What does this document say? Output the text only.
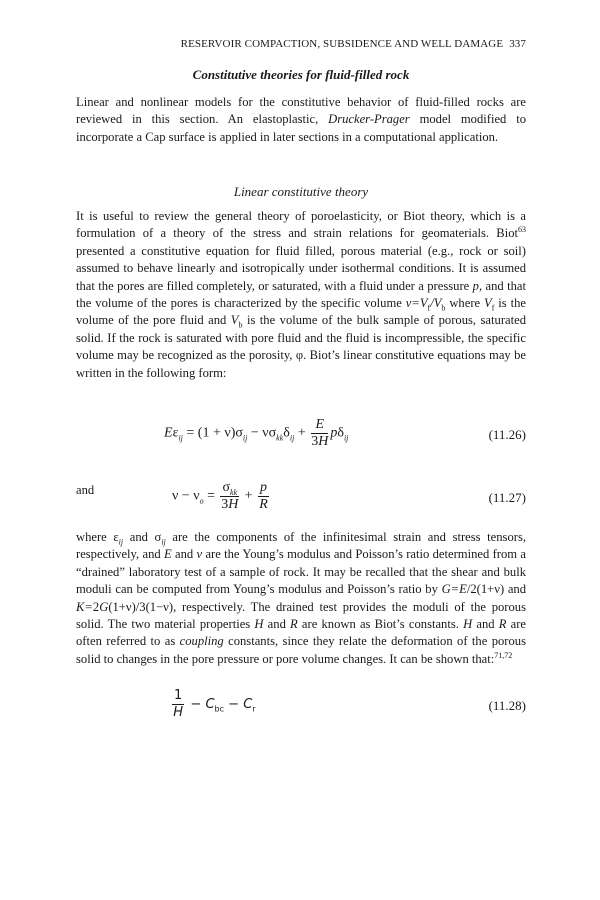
RESERVOIR COMPACTION, SUBSIDENCE AND WELL DAMAGE 337
Constitutive theories for fluid-filled rock

Linear and nonlinear models for the constitutive behavior of fluid-filled rocks are reviewed in this section. An elastoplastic, Drucker-Prager model modified to incorporate a Cap surface is applied in later sections in a computational application.

Linear constitutive theory

It is useful to review the general theory of poroelasticity, or Biot theory, which is a formulation of a theory of the stress and strain relations for geomaterials. Biot$^{63}$ presented a constitutive equation for fluid filled, porous material (e.g., rock or soil) assumed to behave linearly and isotropically under isothermal conditions. It is assumed that the pores are filled completely, or saturated, with a fluid under a pressure p, and that the volume of the pores is characterized by the specific volume $v=V_f/V_b$ where $V_f$ is the volume of the pore fluid and $V_b$ is the volume of the bulk sample of porous, saturated solid. If the rock is saturated with pore fluid and the fluid is incompressible, the specific volume may be recognized as the porosity, φ. Biot’s linear constitutive equations may be written in the following form:

$E\varepsilon_{ij} = (1 + \nu)\sigma_{ij} - \nu\sigma_{kk}\delta_{ij} + \frac{E}{3H} p\delta_{ij}$	(11.26)
and	$\nu - \nu_o = \frac{\sigma_{kk}}{3H} + \frac{p}{R}$	(11.27)

where $\varepsilon_{ij}$ and $\sigma_{ij}$ are the components of the infinitesimal strain and stress tensors, respectively, and E and ν are the Young’s modulus and Poisson’s ratio determined from a “drained” laboratory test of a sample of rock. It may be recalled that the shear and bulk moduli can be computed from Young’s modulus and Poisson’s ratio by G=E/2(1+ν) and K=2G(1+ν)/3(1−ν), respectively. The drained test provides the moduli of the porous solid. The two material properties H and R are known as Biot’s constants. H and R are often referred to as coupling constants, since they relate the deformation of the porous solid to changes in the pore pressure or pore volume changes. It can be shown that:$^{71,72}$

$\frac{1}{H} - C_{bc} - C_r$	(11.28)
